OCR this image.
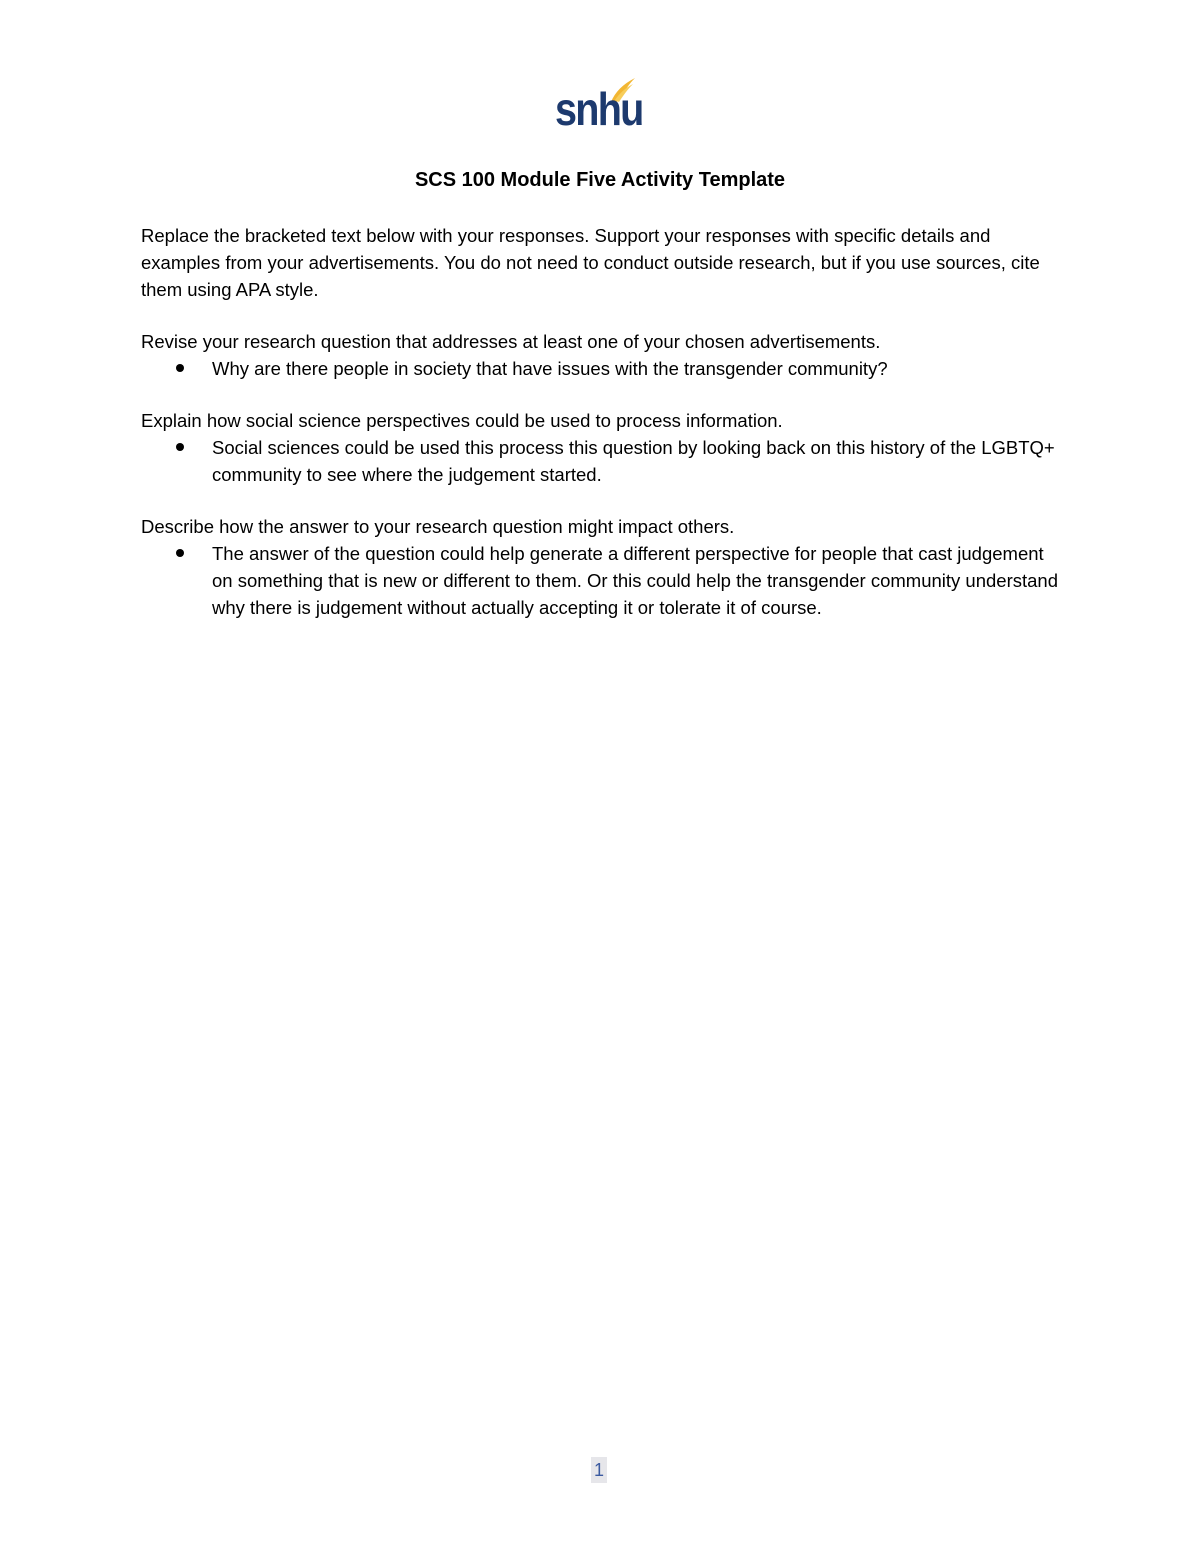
snhu
SCS 100 Module Five Activity Template

Replace the bracketed text below with your responses. Support your responses with specific details and examples from your advertisements. You do not need to conduct outside research, but if you use sources, cite them using APA style.

Revise your research question that addresses at least one of your chosen advertisements.

Why are there people in society that have issues with the transgender community?

Explain how social science perspectives could be used to process information.

Social sciences could be used this process this question by looking back on this history of the LGBTQ+ community to see where the judgement started.

Describe how the answer to your research question might impact others.

The answer of the question could help generate a different perspective for people that cast judgement on something that is new or different to them. Or this could help the transgender community understand why there is judgement without actually accepting it or tolerate it of course.
1
